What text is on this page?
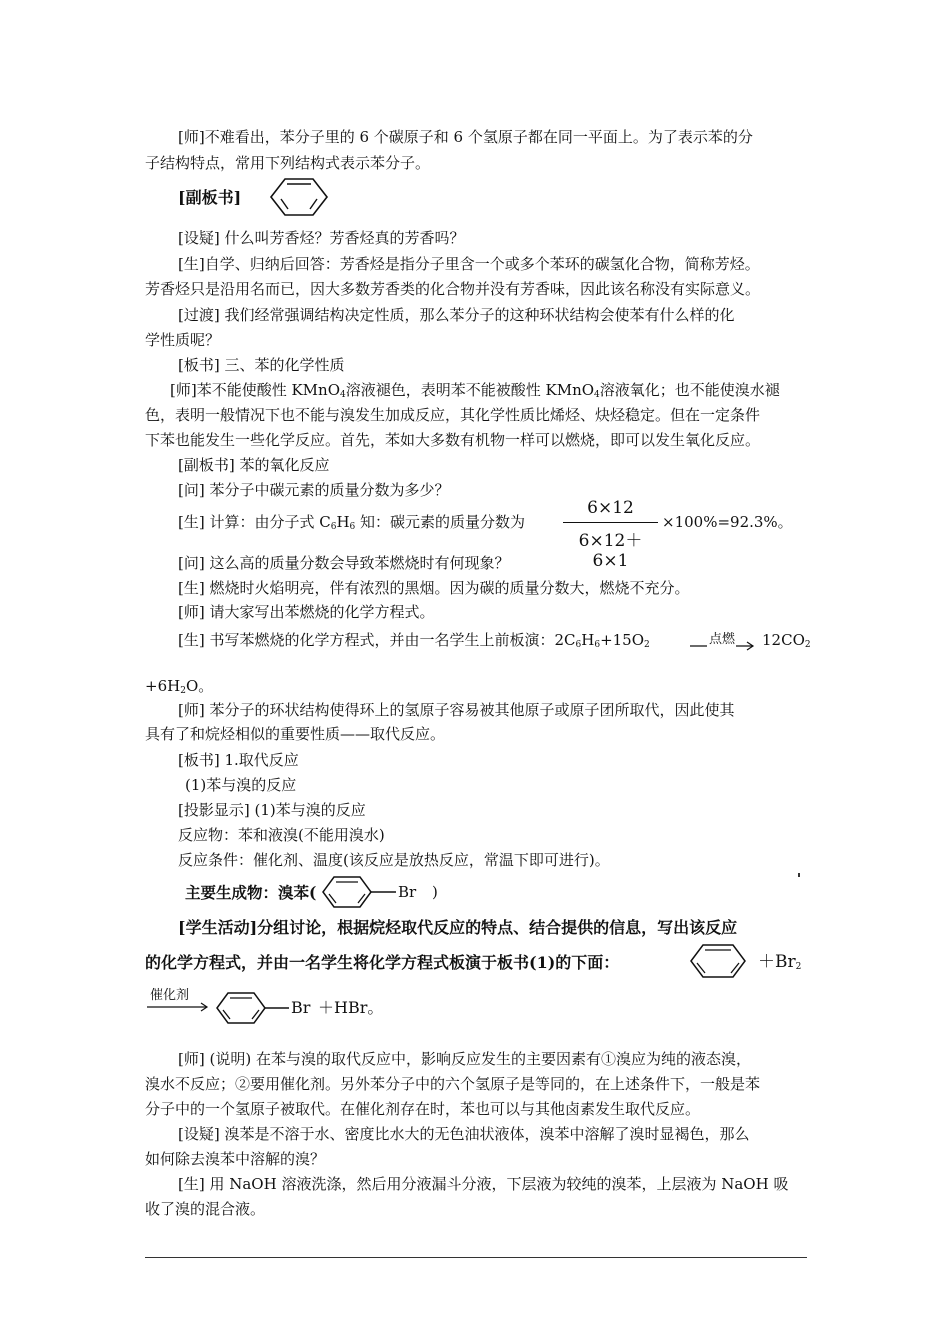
[师]不难看出，苯分子里的 6 个碳原子和 6 个氢原子都在同一平面上。为了表示苯的分
子结构特点，常用下列结构式表示苯分子。
[副板书]
[设疑] 什么叫芳香烃？芳香烃真的芳香吗？
[生]自学、归纳后回答：芳香烃是指分子里含一个或多个苯环的碳氢化合物，简称芳烃。
芳香烃只是沿用名而已，因大多数芳香类的化合物并没有芳香味，因此该名称没有实际意义。
[过渡] 我们经常强调结构决定性质，那么苯分子的这种环状结构会使苯有什么样的化
学性质呢？
[板书] 三、苯的化学性质
[师]苯不能使酸性 KMnO$_4$溶液褪色，表明苯不能被酸性 KMnO$_4$溶液氧化；也不能使溴水褪
色，表明一般情况下也不能与溴发生加成反应，其化学性质比烯烃、炔烃稳定。但在一定条件
下苯也能发生一些化学反应。首先，苯如大多数有机物一样可以燃烧，即可以发生氧化反应。
[副板书] 苯的氧化反应
[问] 苯分子中碳元素的质量分数为多少？
[生] 计算：由分子式 $C_6H_6$ 知：碳元素的质量分数为
6×12
6×12＋6×1
×100%=92.3%。
[问] 这么高的质量分数会导致苯燃烧时有何现象？
[生] 燃烧时火焰明亮，伴有浓烈的黑烟。因为碳的质量分数大，燃烧不充分。
[师] 请大家写出苯燃烧的化学方程式。
[生] 书写苯燃烧的化学方程式，并由一名学生上前板演：$2C_6H_6+15O_2$	点燃 $12CO_2$
$+6H_2O$。
[师] 苯分子的环状结构使得环上的氢原子容易被其他原子或原子团所取代，因此使其
具有了和烷烃相似的重要性质——取代反应。
[板书] 1.取代反应
(1)苯与溴的反应
[投影显示] (1)苯与溴的反应
反应物：苯和液溴(不能用溴水)
反应条件：催化剂、温度(该反应是放热反应，常温下即可进行)。
主要生成物：溴苯(	Br )
[学生活动]分组讨论，根据烷烃取代反应的特点、结合提供的信息，写出该反应
的化学方程式，并由一名学生将化学方程式板演于板书(1)的下面：	$+Br_2$
催化剂
Br ＋HBr。
[师] (说明) 在苯与溴的取代反应中，影响反应发生的主要因素有①溴应为纯的液态溴，
溴水不反应；②要用催化剂。另外苯分子中的六个氢原子是等同的，在上述条件下，一般是苯
分子中的一个氢原子被取代。在催化剂存在时，苯也可以与其他卤素发生取代反应。
[设疑] 溴苯是不溶于水、密度比水大的无色油状液体，溴苯中溶解了溴时显褐色，那么
如何除去溴苯中溶解的溴？
[生] 用 NaOH 溶液洗涤，然后用分液漏斗分液，下层液为较纯的溴苯，上层液为 NaOH 吸
收了溴的混合液。
